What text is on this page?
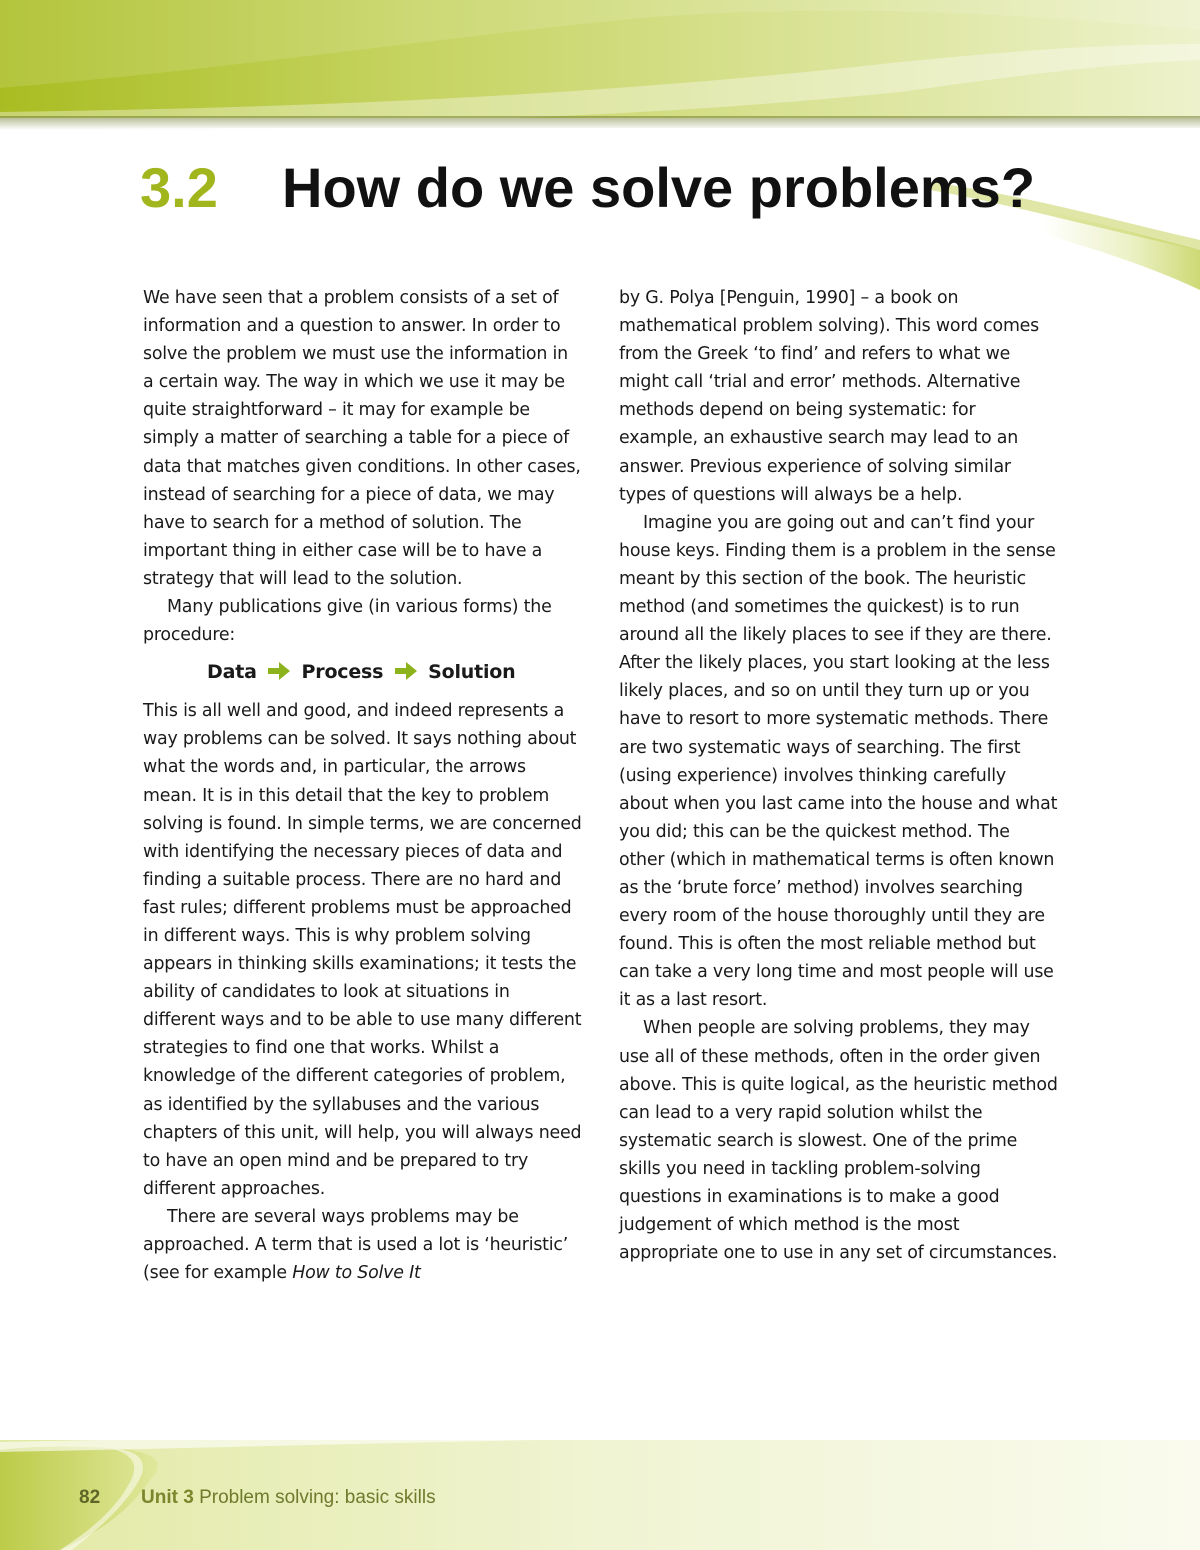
3.2 How do we solve problems?

We have seen that a problem consists of a set of information and a question to answer. In order to solve the problem we must use the information in a certain way. The way in which we use it may be quite straightforward – it may for example be simply a matter of searching a table for a piece of data that matches given conditions. In other cases, instead of searching for a piece of data, we may have to search for a method of solution. The important thing in either case will be to have a strategy that will lead to the solution.

Many publications give (in various forms) the procedure:

Data Process Solution

This is all well and good, and indeed represents a way problems can be solved. It says nothing about what the words and, in particular, the arrows mean. It is in this detail that the key to problem solving is found. In simple terms, we are concerned with identifying the necessary pieces of data and finding a suitable process. There are no hard and fast rules; different problems must be approached in different ways. This is why problem solving appears in thinking skills examinations; it tests the ability of candidates to look at situations in different ways and to be able to use many different strategies to find one that works. Whilst a knowledge of the different categories of problem, as identified by the syllabuses and the various chapters of this unit, will help, you will always need to have an open mind and be prepared to try different approaches.

There are several ways problems may be approached. A term that is used a lot is ‘heuristic’ (see for example How to Solve It

by G. Polya [Penguin, 1990] – a book on mathematical problem solving). This word comes from the Greek ‘to find’ and refers to what we might call ‘trial and error’ methods. Alternative methods depend on being systematic: for example, an exhaustive search may lead to an answer. Previous experience of solving similar types of questions will always be a help.

Imagine you are going out and can’t find your house keys. Finding them is a problem in the sense meant by this section of the book. The heuristic method (and sometimes the quickest) is to run around all the likely places to see if they are there. After the likely places, you start looking at the less likely places, and so on until they turn up or you have to resort to more systematic methods. There are two systematic ways of searching. The first (using experience) involves thinking carefully about when you last came into the house and what you did; this can be the quickest method. The other (which in mathematical terms is often known as the ‘brute force’ method) involves searching every room of the house thoroughly until they are found. This is often the most reliable method but can take a very long time and most people will use it as a last resort.

When people are solving problems, they may use all of these methods, often in the order given above. This is quite logical, as the heuristic method can lead to a very rapid solution whilst the systematic search is slowest. One of the prime skills you need in tackling problem-solving questions in examinations is to make a good judgement of which method is the most appropriate one to use in any set of circumstances.

82 Unit 3 Problem solving: basic skills
